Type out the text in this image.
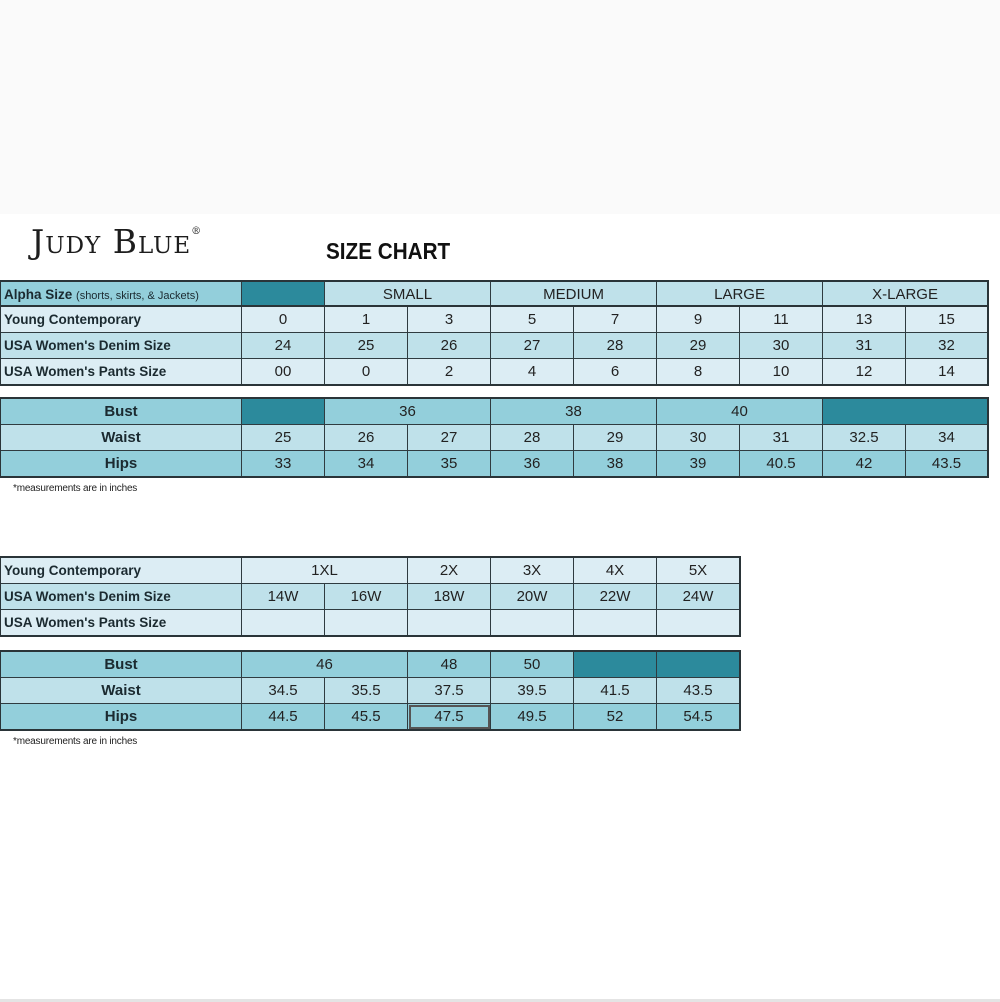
Judy Blue®
SIZE CHART
Alpha Size (shorts, skirts, & Jackets)		SMALL	MEDIUM	LARGE	X-LARGE
Young Contemporary	0	1	3	5	7	9	11	13	15
USA Women's Denim Size	24	25	26	27	28	29	30	31	32
USA Women's Pants Size	00	0	2	4	6	8	10	12	14
Bust		36		38		40			
Waist	25	26	27	28	29	30	31	32.5	34
Hips	33	34	35	36	38	39	40.5	42	43.5
*measurements are in inches
Young Contemporary	1XL		2X	3X	4X	5X
USA Women's Denim Size	14W	16W	18W	20W	22W	24W
USA Women's Pants Size						
Bust	46		48	50		
Waist	34.5	35.5	37.5	39.5	41.5	43.5
Hips	44.5	45.5	47.5	49.5	52	54.5
*measurements are in inches
